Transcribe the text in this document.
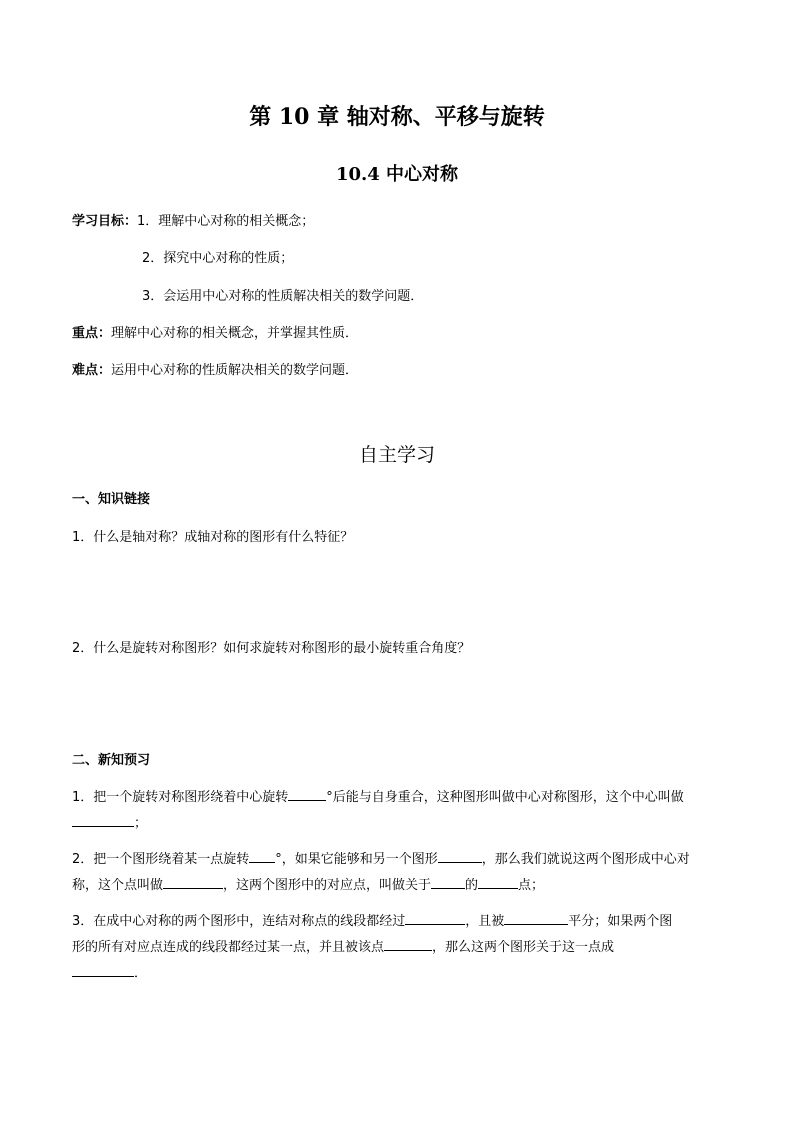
第 10 章 轴对称、平移与旋转
10.4 中心对称
学习目标：1．理解中心对称的相关概念；
2．探究中心对称的性质；
3．会运用中心对称的性质解决相关的数学问题．
重点：理解中心对称的相关概念，并掌握其性质．
难点：运用中心对称的性质解决相关的数学问题．
自主学习
一、知识链接
1．什么是轴对称？成轴对称的图形有什么特征？
2．什么是旋转对称图形？如何求旋转对称图形的最小旋转重合角度？
二、新知预习
1．把一个旋转对称图形绕着中心旋转	°后能与自身重合，这种图形叫做中心对称图形，这个中心叫做
；
2．把一个图形绕着某一点旋转 °，如果它能够和另一个图形	，那么我们就说这两个图形成中心对
称，这个点叫做	，这两个图形中的对应点，叫做关于	的	点；
3．在成中心对称的两个图形中，连结对称点的线段都经过	，且被	平分；如果两个图
形的所有对应点连成的线段都经过某一点，并且被该点	，那么这两个图形关于这一点成
．
